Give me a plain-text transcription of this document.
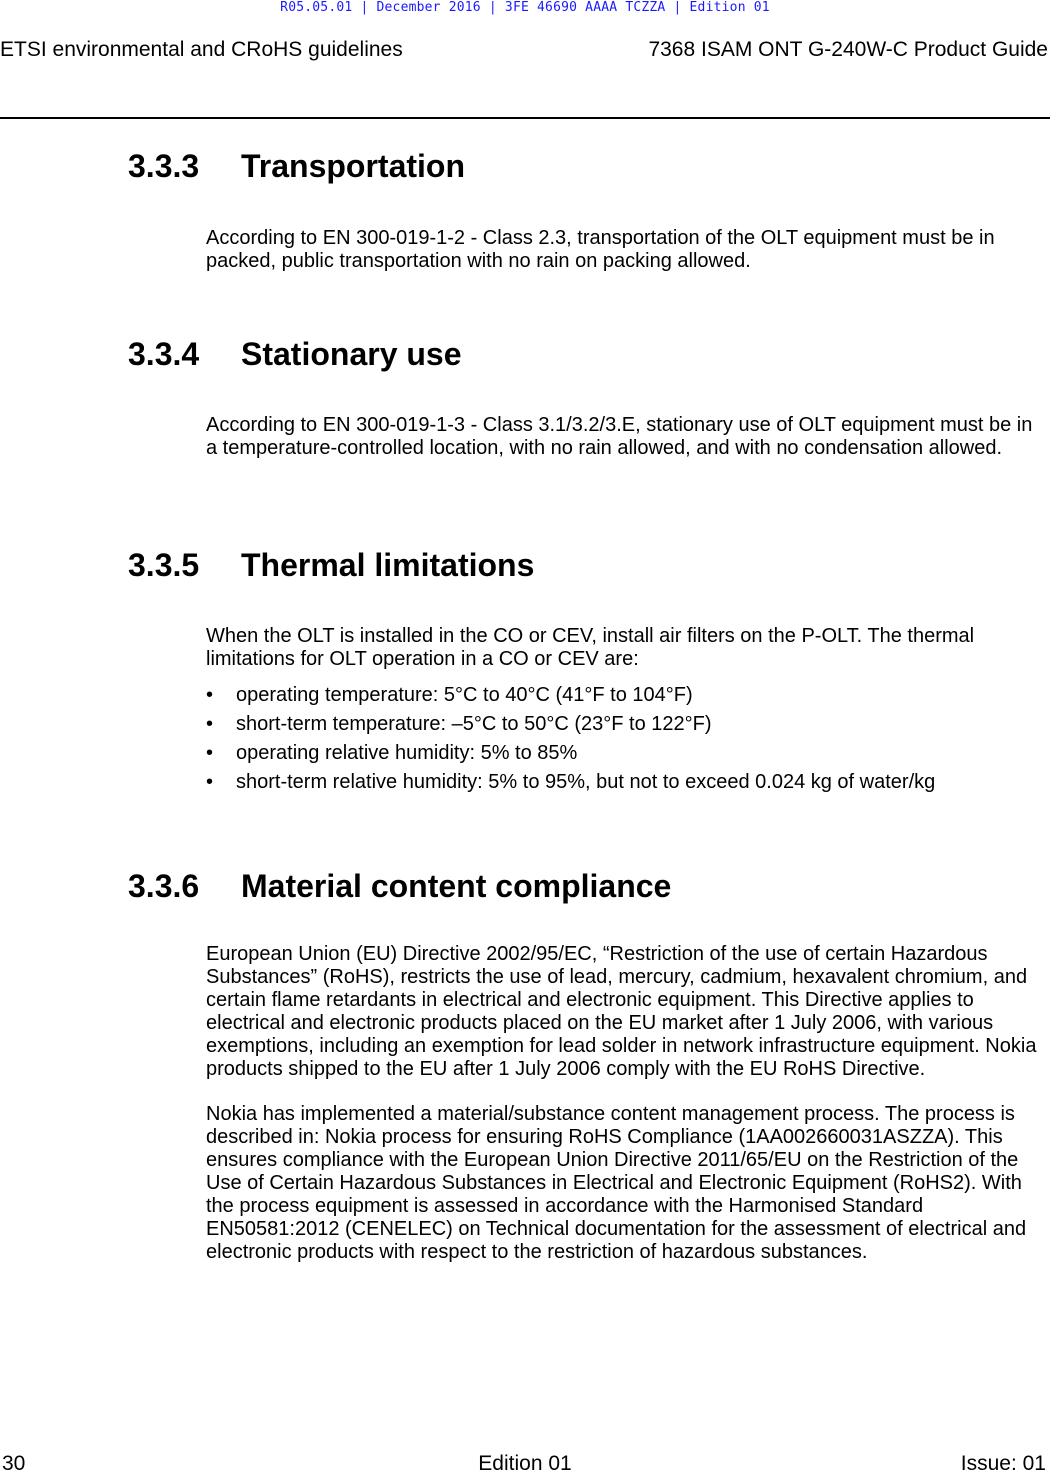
R05.05.01 | December 2016 | 3FE 46690 AAAA TCZZA | Edition 01
ETSI environmental and CRoHS guidelines	7368 ISAM ONT G-240W-C Product Guide
3.3.3 Transportation

According to EN 300-019-1-2 - Class 2.3, transportation of the OLT equipment must be in packed, public transportation with no rain on packing allowed.

3.3.4 Stationary use

According to EN 300-019-1-3 - Class 3.1/3.2/3.E, stationary use of OLT equipment must be in a temperature-controlled location, with no rain allowed, and with no condensation allowed.

3.3.5 Thermal limitations

When the OLT is installed in the CO or CEV, install air filters on the P-OLT. The thermal limitations for OLT operation in a CO or CEV are:

• operating temperature: 5°C to 40°C (41°F to 104°F)
• short-term temperature: –5°C to 50°C (23°F to 122°F)
• operating relative humidity: 5% to 85%
• short-term relative humidity: 5% to 95%, but not to exceed 0.024 kg of water/kg
3.3.6 Material content compliance

European Union (EU) Directive 2002/95/EC, “Restriction of the use of certain Hazardous Substances” (RoHS), restricts the use of lead, mercury, cadmium, hexavalent chromium, and certain flame retardants in electrical and electronic equipment. This Directive applies to electrical and electronic products placed on the EU market after 1 July 2006, with various exemptions, including an exemption for lead solder in network infrastructure equipment. Nokia products shipped to the EU after 1 July 2006 comply with the EU RoHS Directive.

Nokia has implemented a material/substance content management process. The process is described in: Nokia process for ensuring RoHS Compliance (1AA002660031ASZZA). This ensures compliance with the European Union Directive 2011/65/EU on the Restriction of the Use of Certain Hazardous Substances in Electrical and Electronic Equipment (RoHS2). With the process equipment is assessed in accordance with the Harmonised Standard EN50581:2012 (CENELEC) on Technical documentation for the assessment of electrical and electronic products with respect to the restriction of hazardous substances.

30	Edition 01	Issue: 01
